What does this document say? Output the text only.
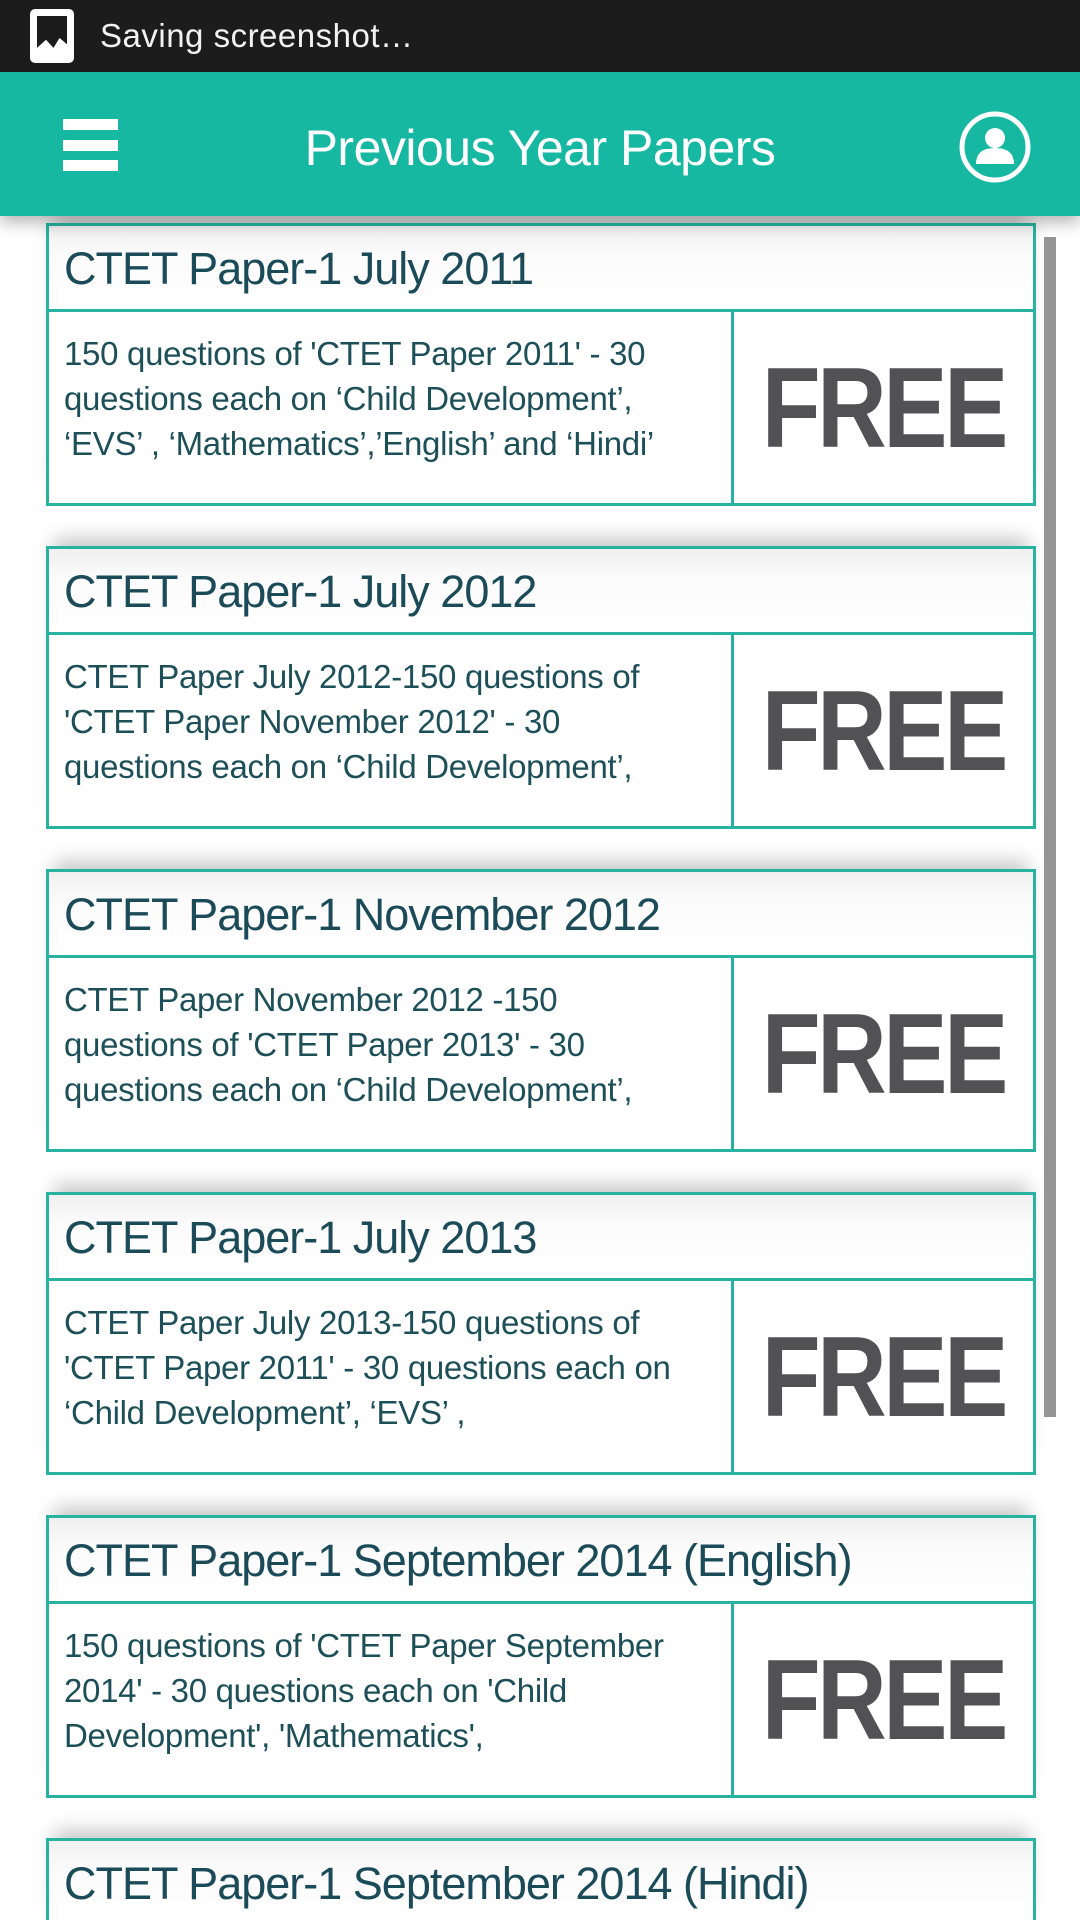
Saving screenshot…
Previous Year Papers
CTET Paper-1 July 2011
150 questions of 'CTET Paper 2011' - 30 questions each on ‘Child Development’, ‘EVS’ , ‘Mathematics’,’English’ and ‘Hindi’ FREE
CTET Paper-1 July 2012
CTET Paper July 2012-150 questions of 'CTET Paper November 2012' - 30 questions each on ‘Child Development’,	FREE
CTET Paper-1 November 2012
CTET Paper November 2012 -150 questions of 'CTET Paper 2013' - 30 questions each on ‘Child Development’,	FREE
CTET Paper-1 July 2013
CTET Paper July 2013-150 questions of 'CTET Paper 2011' - 30 questions each on ‘Child Development’, ‘EVS’ ,	FREE
CTET Paper-1 September 2014 (English)
150 questions of 'CTET Paper September 2014' - 30 questions each on 'Child Development', 'Mathematics',	FREE
CTET Paper-1 September 2014 (Hindi)
